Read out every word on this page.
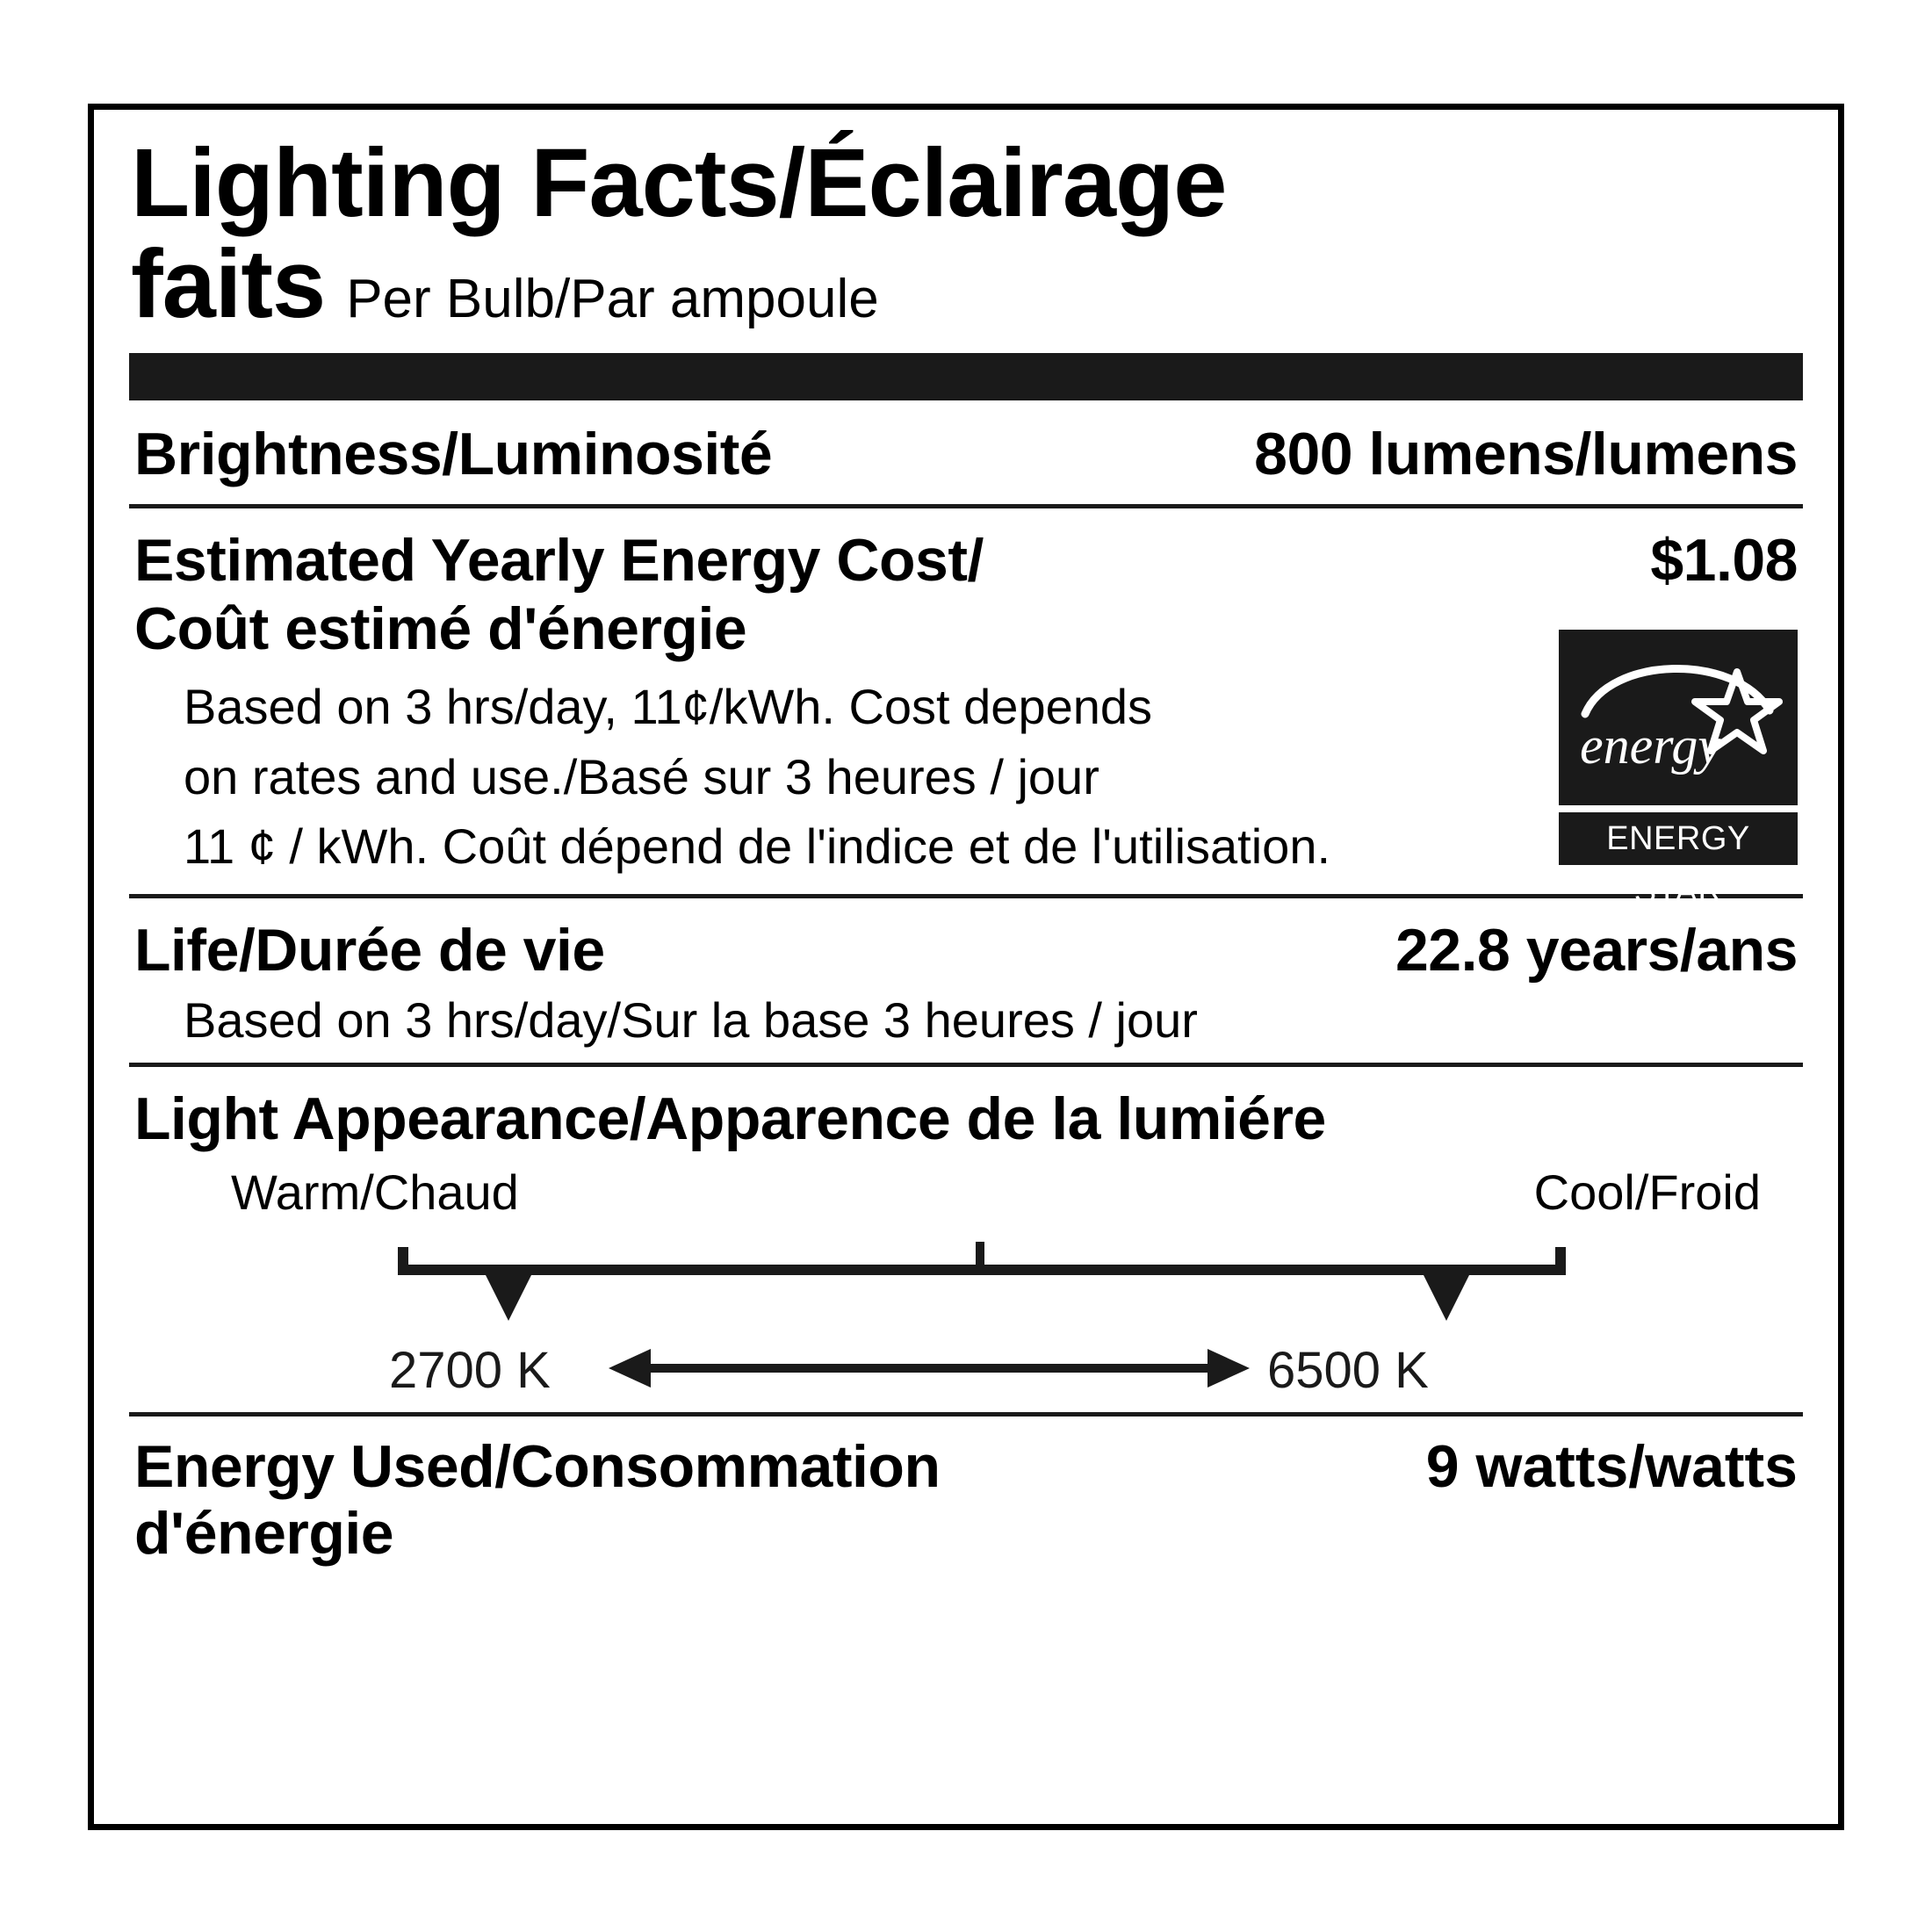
Lighting Facts/Éclairage
faits Per Bulb/Par ampoule
Brightness/Luminosité	800 lumens/lumens
Estimated Yearly Energy Cost/
Coût estimé d'énergie
$1.08
Based on 3 hrs/day, 11¢/kWh. Cost depends
on rates and use./Basé sur 3 heures / jour
11 ¢ / kWh. Coût dépend de l'indice et de l'utilisation.
energy
ENERGY STAR
Life/Durée de vie	22.8 years/ans
Based on 3 hrs/day/Sur la base 3 heures / jour
Light Appearance/Apparence de la lumiére
Warm/Chaud	Cool/Froid
2700 K	6500 K
Energy Used/Consommation
d'énergie
9 watts/watts
